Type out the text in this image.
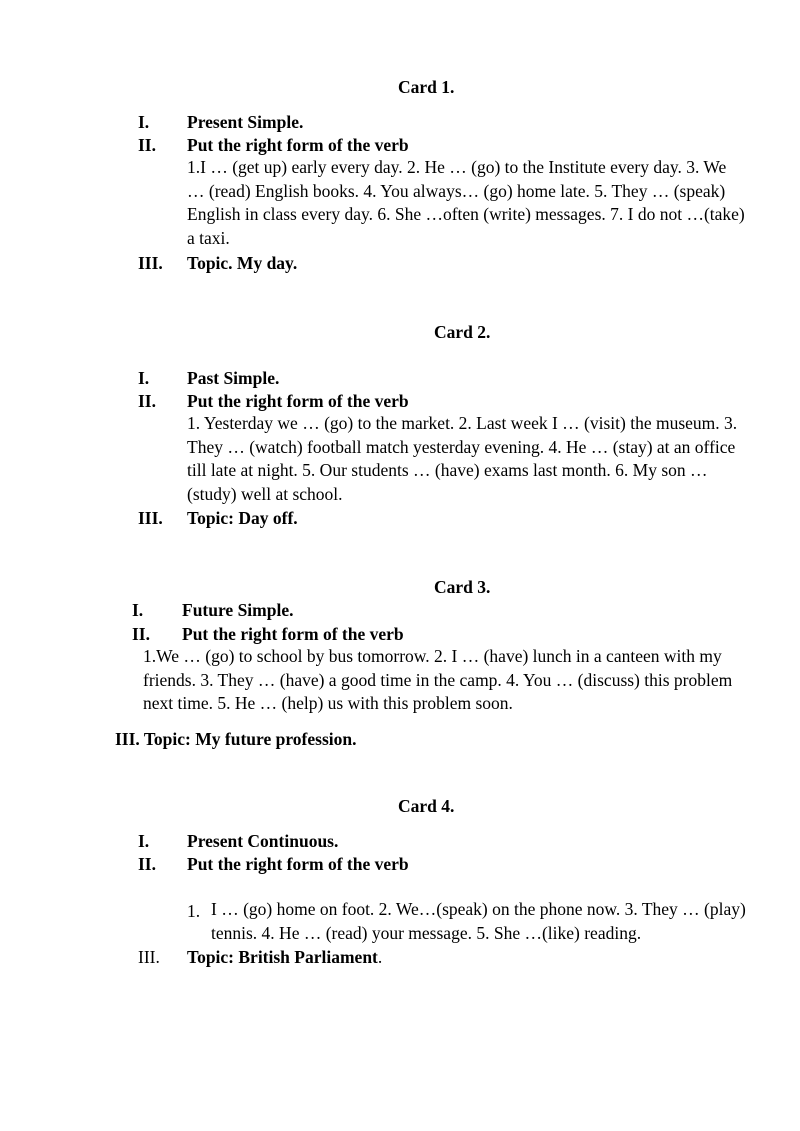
Card 1.
I. Present Simple.
II. Put the right form of the verb
1.I … (get up) early every day. 2. He … (go) to the Institute every day. 3. We … (read) English books. 4. You always… (go) home late. 5. They … (speak) English in class every day. 6. She …often (write) messages. 7. I do not …(take) a taxi.
III. Topic. My day.
Card 2.
I. Past Simple.
II. Put the right form of the verb
1. Yesterday we … (go) to the market. 2. Last week I … (visit) the museum. 3. They … (watch) football match yesterday evening. 4. He … (stay) at an office till late at night. 5. Our students … (have) exams last month. 6. My son … (study) well at school.
III. Topic: Day off.
Card 3.
I. Future Simple.
II. Put the right form of the verb
1.We … (go) to school by bus tomorrow. 2. I … (have) lunch in a canteen with my friends. 3. They … (have) a good time in the camp. 4. You … (discuss) this problem next time. 5. He … (help) us with this problem soon.
III. Topic: My future profession.
Card 4.
I. Present Continuous.
II. Put the right form of the verb
1. I … (go) home on foot. 2. We…(speak) on the phone now. 3. They … (play) tennis. 4. He … (read) your message. 5. She …(like) reading.
III. Topic: British Parliament.
